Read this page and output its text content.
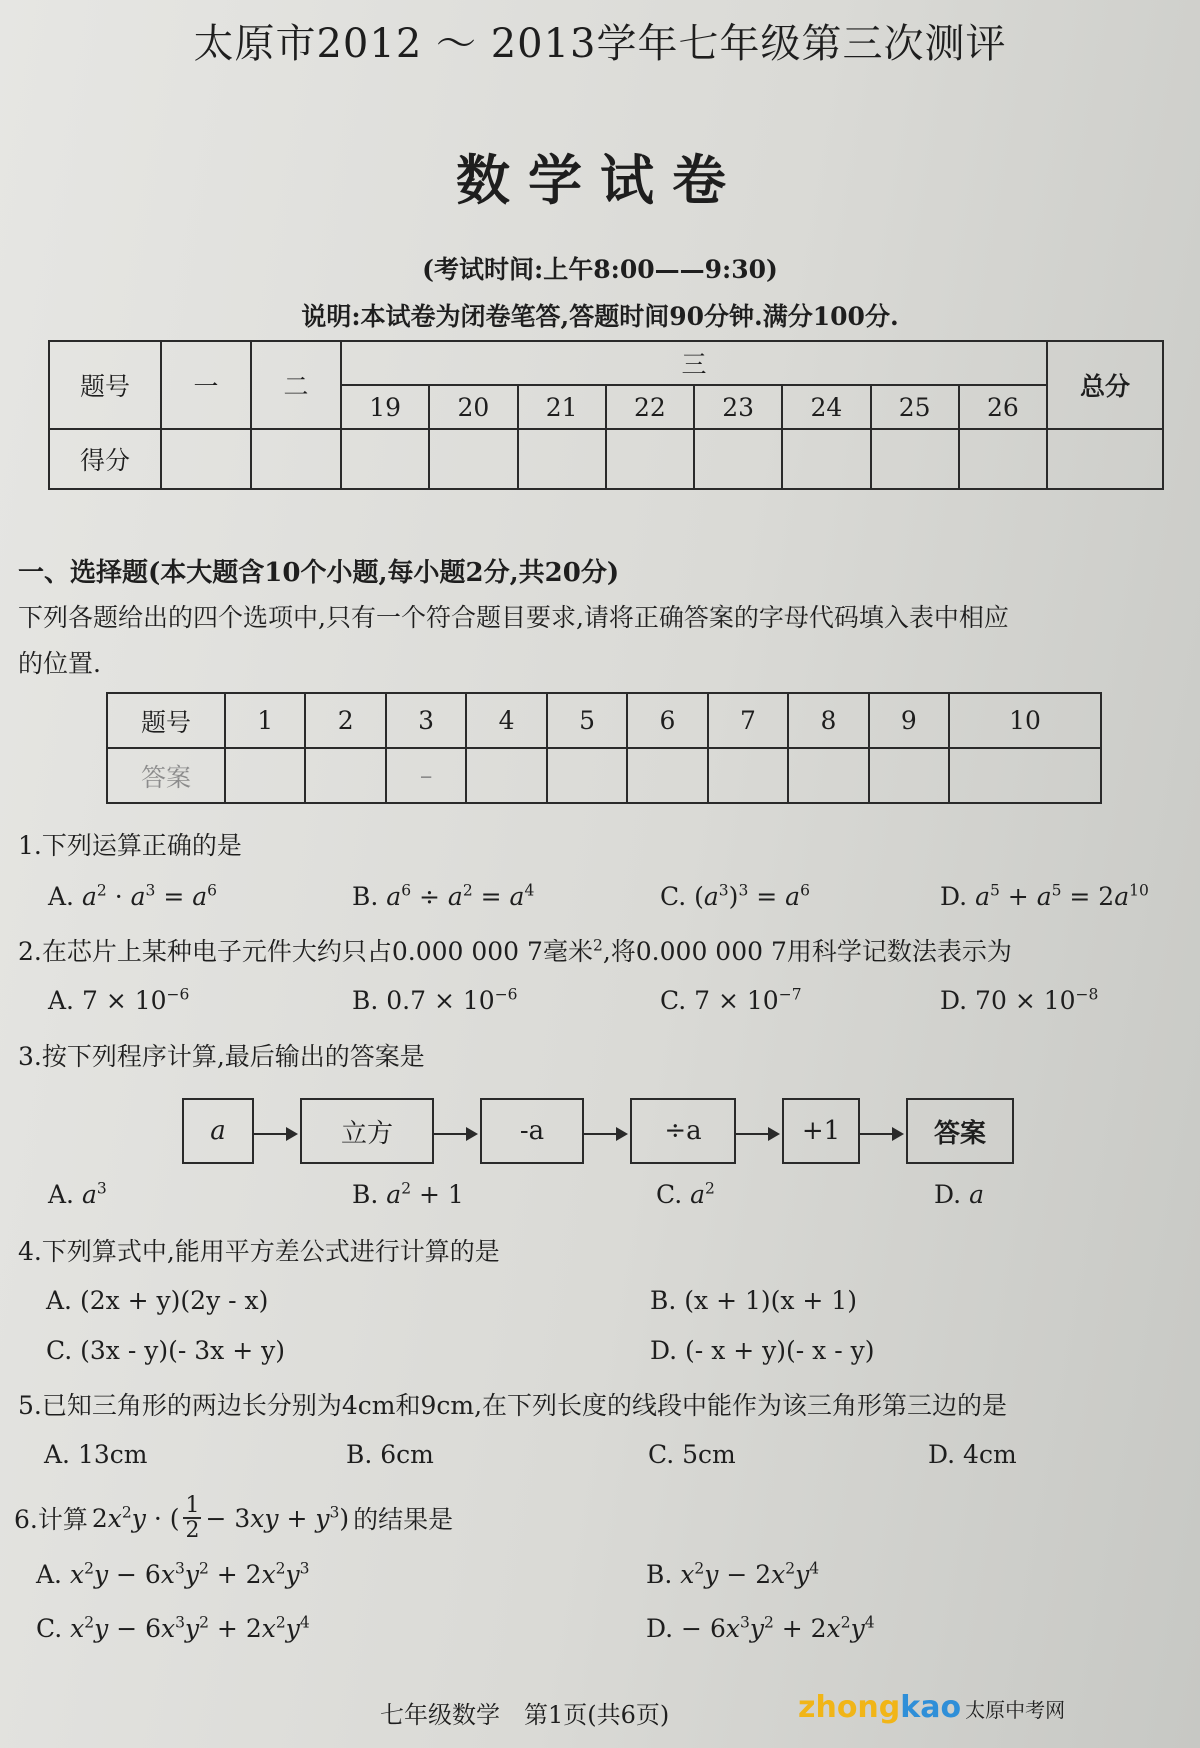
太原市2012 ～ 2013学年七年级第三次测评
数学试卷
(考试时间:上午8:00——9:30)
说明:本试卷为闭卷笔答,答题时间90分钟.满分100分.
题号	一	二	三								总分
			19	20	21	22	23	24	25	26	
得分											
一、选择题(本大题含10个小题,每小题2分,共20分)
下列各题给出的四个选项中,只有一个符合题目要求,请将正确答案的字母代码填入表中相应
的位置.
题号	1	2	3	4	5	6	7	8	9	10
答案			–							
1.下列运算正确的是
A. $a^2 \cdot a^3 = a^6$	B. $a^6 \div a^2 = a^4$	C. $(a^3)^3 = a^6$	D. $a^5 + a^5 = 2a^{10}$
2.在芯片上某种电子元件大约只占0.000 000 7毫米$^2$,将0.000 000 7用科学记数法表示为
A. $7 \times 10^{-6}$	B. $0.7 \times 10^{-6}$	C. $7 \times 10^{-7}$	D. $70 \times 10^{-8}$
3.按下列程序计算,最后输出的答案是
a	立方	-a	÷a	+1	答案
A. $a^3$	B. $a^2 + 1$	C. $a^2$	D. a
4.下列算式中,能用平方差公式进行计算的是
A. (2x + y)(2y - x)	B. (x + 1)(x + 1)
C. (3x - y)(- 3x + y)	D. (- x + y)(- x - y)
5.已知三角形的两边长分别为4cm和9cm,在下列长度的线段中能作为该三角形第三边的是
A. 13cm	B. 6cm	C. 5cm	D. 4cm
6.计算 $2x^2y$ · ( $\frac{1}{2} - 3xy + y^3$) 的结果是
A. $x^2y - 6x^3y^2 + 2x^2y^3$	B. $x^2y - 2x^2y^4$
C. $x^2y - 6x^3y^2 + 2x^2y^4$	D. − $6x^3y^2 + 2x^2y^4$
七年级数学　第1页(共6页)	zhongkao 太原中考网
